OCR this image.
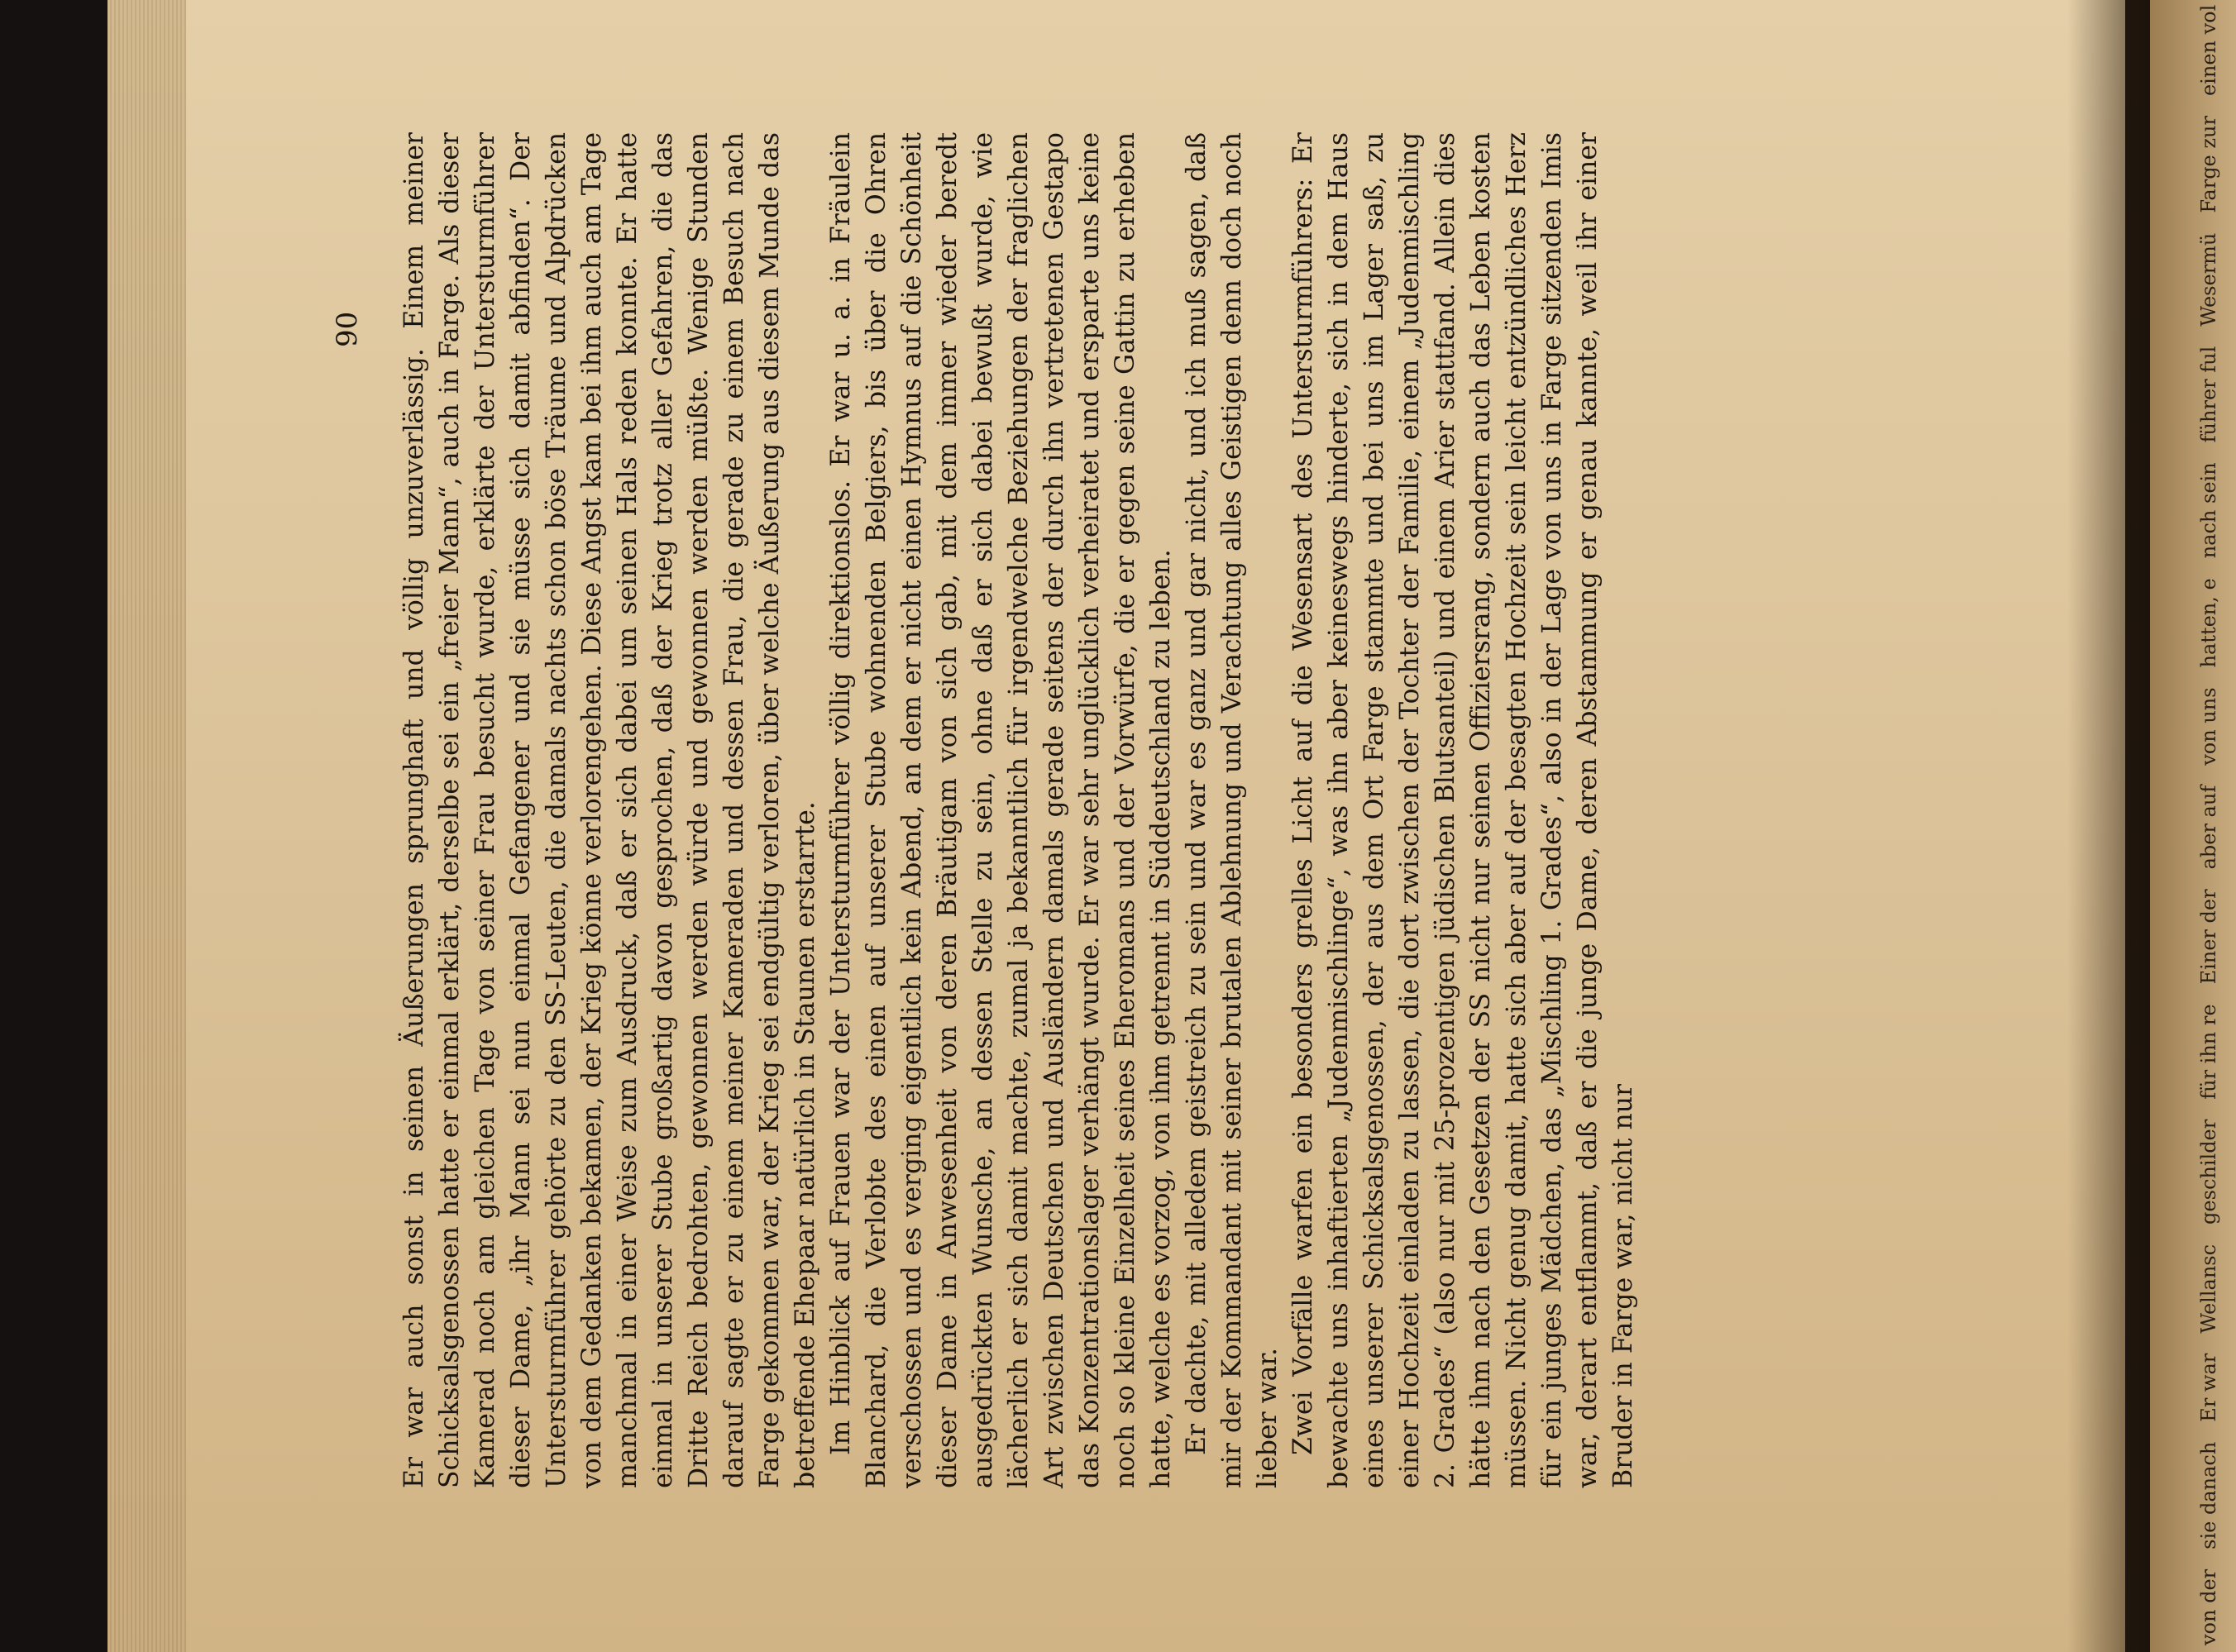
Er war auch sonst in seinen Äußerungen sprunghaft und völlig unzuverlässig. Einem meiner Schicksalsgenossen hatte er einmal erklärt, derselbe sei ein „freier Mann“, auch in Farge. Als dieser Kamerad noch am gleichen Tage von seiner Frau besucht wurde, erklärte der Untersturmführer dieser Dame, „ihr Mann sei nun einmal Gefangener und sie müsse sich damit abfinden“. Der Untersturmführer gehörte zu den SS-Leuten, die damals nachts schon böse Träume und Alpdrücken von dem Gedanken bekamen, der Krieg könne verlorengehen. Diese Angst kam bei ihm auch am Tage manchmal in einer Weise zum Ausdruck, daß er sich dabei um seinen Hals reden konnte. Er hatte einmal in unserer Stube großartig davon gesprochen, daß der Krieg trotz aller Gefahren, die das Dritte Reich bedrohten, gewonnen werden würde und gewonnen werden müßte. Wenige Stunden darauf sagte er zu einem meiner Kameraden und dessen Frau, die gerade zu einem Besuch nach Farge gekommen war, der Krieg sei endgültig verloren, über welche Äußerung aus diesem Munde das betreffende Ehepaar natürlich in Staunen erstarrte. Im Hinblick auf Frauen war der Untersturmführer völlig direktionslos. Er war u. a. in Fräulein Blanchard, die Verlobte des einen auf unserer Stube wohnenden Belgiers, bis über die Ohren verschossen und es verging eigentlich kein Abend, an dem er nicht einen Hymnus auf die Schönheit dieser Dame in Anwesenheit von deren Bräutigam von sich gab, mit dem immer wieder beredt ausgedrückten Wunsche, an dessen Stelle zu sein, ohne daß er sich dabei bewußt wurde, wie lächerlich er sich damit machte, zumal ja bekanntlich für irgendwelche Beziehungen der fraglichen Art zwischen Deutschen und Ausländern damals gerade seitens der durch ihn vertretenen Gestapo das Konzentrationslager verhängt wurde. Er war sehr unglücklich verheiratet und ersparte uns keine noch so kleine Einzelheit seines Eheromans und der Vorwürfe, die er gegen seine Gattin zu erheben hatte, welche es vorzog, von ihm getrennt in Süddeutschland zu leben. Er dachte, mit alledem geistreich zu sein und war es ganz und gar nicht, und ich muß sagen, daß mir der Kommandant mit seiner brutalen Ablehnung und Verachtung alles Geistigen denn doch noch lieber war. Zwei Vorfälle warfen ein besonders grelles Licht auf die Wesensart des Untersturmführers: Er bewachte uns inhaftierten „Judenmischlinge“, was ihn aber keineswegs hinderte, sich in dem Haus eines unserer Schicksalsgenossen, der aus dem Ort Farge stammte und bei uns im Lager saß, zu einer Hochzeit einladen zu lassen, die dort zwischen der Tochter der Familie, einem „Judenmischling 2. Grades“ (also nur mit 25-prozentigen jüdischen Blutsanteil) und einem Arier stattfand. Allein dies hätte ihm nach den Gesetzen der SS nicht nur seinen Offiziersrang, sondern auch das Leben kosten müssen. Nicht genug damit, hatte sich aber auf der besagten Hochzeit sein leicht entzündliches Herz für ein junges Mädchen, das „Mischling 1. Grades“, also in der Lage von uns in Farge sitzenden Imis war, derart entflammt, daß er die junge Dame, deren Abstammung er genau kannte, weil ihr einer Bruder in Farge war, nicht nur

90
von dersie danachEr warWellanscgeschilderfür ihn reEiner deraber aufvon unshatten, enach seinführer fulWesermüFarge zureinen vol
